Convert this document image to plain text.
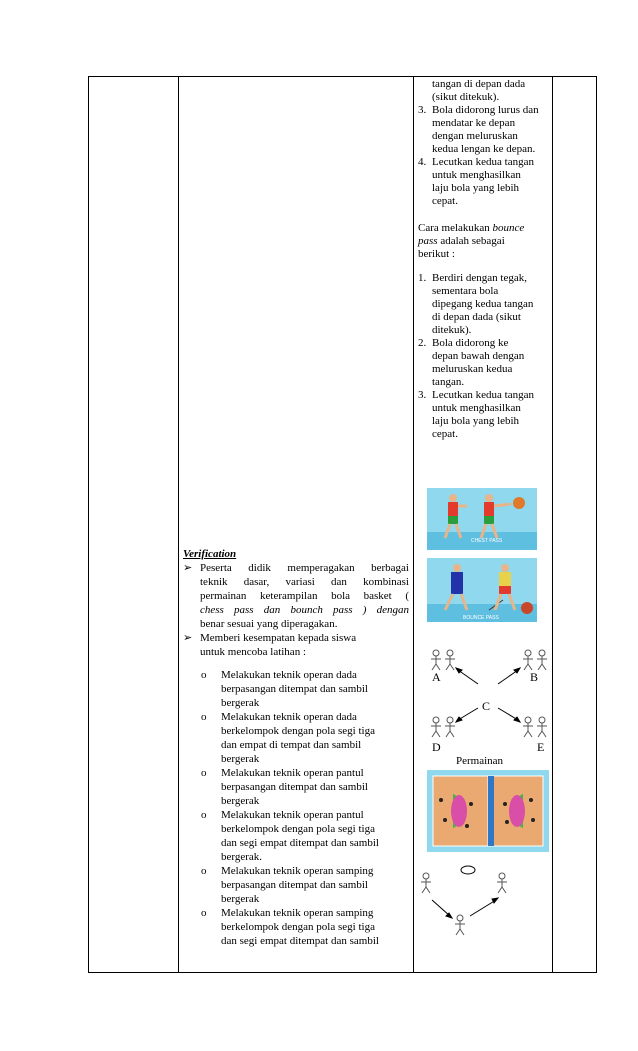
tangan di depan dada
(sikut ditekuk).
3. Bola didorong lurus dan
mendatar ke depan
dengan meluruskan
kedua lengan ke depan.
4. Lecutkan kedua tangan
untuk menghasilkan
laju bola yang lebih
cepat.
Cara melakukan bounce
pass adalah sebagai
berikut :
1. Berdiri dengan tegak,
sementara bola
dipegang kedua tangan
di depan dada (sikut
ditekuk).
2. Bola didorong ke
depan bawah dengan
meluruskan kedua
tangan.
3. Lecutkan kedua tangan
untuk menghasilkan
laju bola yang lebih
cepat.
CHEST PASS
BOUNCE PASS
A	B
C
D	E
Permainan
Verification
➢ Peserta didik memperagakan berbagai
teknik dasar, variasi dan kombinasi
permainan keterampilan bola basket (
chess pass dan bounch pass ) dengan
benar sesuai yang diperagakan.
➢ Memberi kesempatan kepada siswa
untuk mencoba latihan :
o Melakukan teknik operan dada
berpasangan ditempat dan sambil
bergerak
o Melakukan teknik operan dada
berkelompok dengan pola segi tiga
dan empat di tempat dan sambil
bergerak
o Melakukan teknik operan pantul
berpasangan ditempat dan sambil
bergerak
o Melakukan teknik operan pantul
berkelompok dengan pola segi tiga
dan segi empat ditempat dan sambil
bergerak.
o Melakukan teknik operan samping
berpasangan ditempat dan sambil
bergerak
o Melakukan teknik operan samping
berkelompok dengan pola segi tiga
dan segi empat ditempat dan sambil
